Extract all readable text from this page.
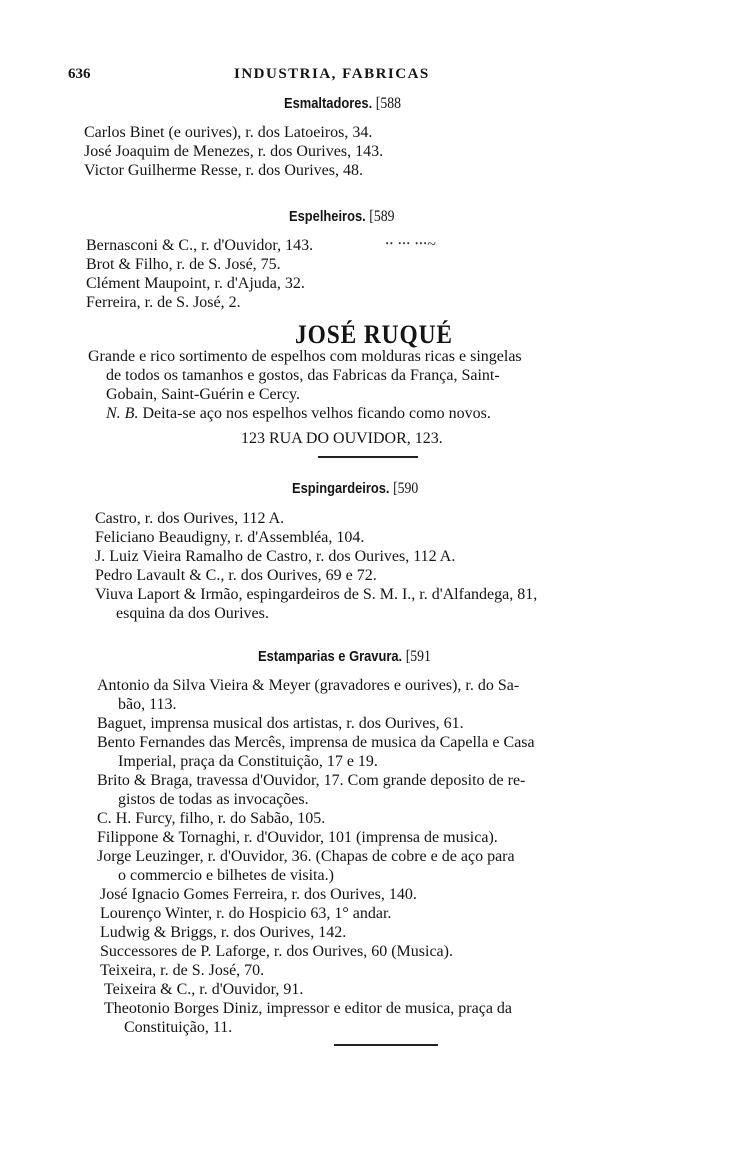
636	INDUSTRIA, FABRICAS
Esmaltadores. [588
Carlos Binet (e ourives), r. dos Latoeiros, 34.
José Joaquim de Menezes, r. dos Ourives, 143.
Victor Guilherme Resse, r. dos Ourives, 48.
Espelheiros. [589
Bernasconi & C., r. d'Ouvidor, 143.	⸱⸱ ⸱⸱⸱ ⸱⸱⸱~
Brot & Filho, r. de S. José, 75.
Clément Maupoint, r. d'Ajuda, 32.
Ferreira, r. de S. José, 2.
JOSÉ RUQUÉ
Grande e rico sortimento de espelhos com molduras ricas e singelas
de todos os tamanhos e gostos, das Fabricas da França, Saint-
Gobain, Saint-Guérin e Cercy.
N. B. Deita-se aço nos espelhos velhos ficando como novos.
123 RUA DO OUVIDOR, 123.
Espingardeiros. [590
Castro, r. dos Ourives, 112 A.
Feliciano Beaudigny, r. d'Assembléa, 104.
J. Luiz Vieira Ramalho de Castro, r. dos Ourives, 112 A.
Pedro Lavault & C., r. dos Ourives, 69 e 72.
Viuva Laport & Irmão, espingardeiros de S. M. I., r. d'Alfandega, 81,
esquina da dos Ourives.
Estamparias e Gravura. [591
Antonio da Silva Vieira & Meyer (gravadores e ourives), r. do Sa-
bão, 113.
Baguet, imprensa musical dos artistas, r. dos Ourives, 61.
Bento Fernandes das Mercês, imprensa de musica da Capella e Casa
Imperial, praça da Constituição, 17 e 19.
Brito & Braga, travessa d'Ouvidor, 17. Com grande deposito de re-
gistos de todas as invocações.
C. H. Furcy, filho, r. do Sabão, 105.
Filippone & Tornaghi, r. d'Ouvidor, 101 (imprensa de musica).
Jorge Leuzinger, r. d'Ouvidor, 36. (Chapas de cobre e de aço para
o commercio e bilhetes de visita.)
José Ignacio Gomes Ferreira, r. dos Ourives, 140.
Lourenço Winter, r. do Hospicio 63, 1° andar.
Ludwig & Briggs, r. dos Ourives, 142.
Successores de P. Laforge, r. dos Ourives, 60 (Musica).
Teixeira, r. de S. José, 70.
Teixeira & C., r. d'Ouvidor, 91.
Theotonio Borges Diniz, impressor e editor de musica, praça da
Constituição, 11.
